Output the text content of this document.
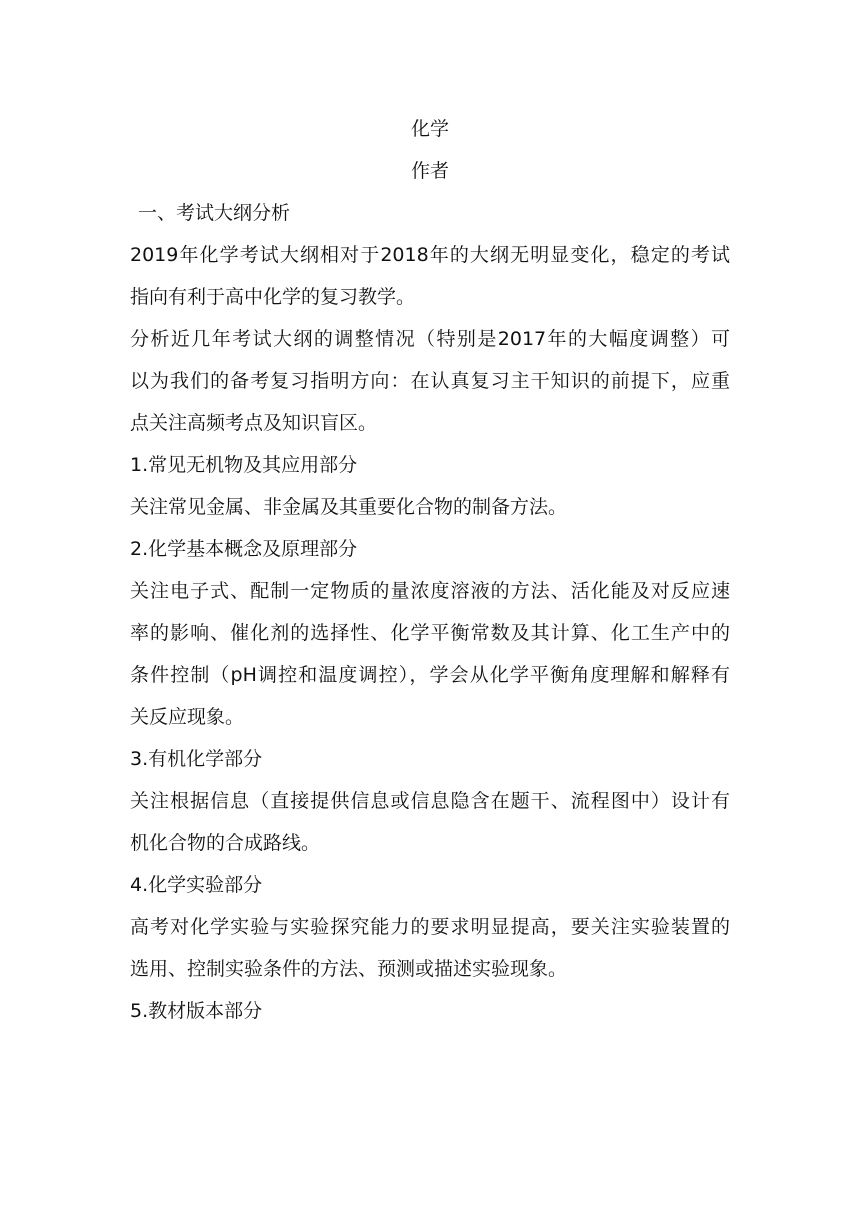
化学
作者
一、考试大纲分析
2019年化学考试大纲相对于2018年的大纲无明显变化，稳定的考试
指向有利于高中化学的复习教学。
分析近几年考试大纲的调整情况（特别是2017年的大幅度调整）可
以为我们的备考复习指明方向：在认真复习主干知识的前提下，应重
点关注高频考点及知识盲区。
1.常见无机物及其应用部分
关注常见金属、非金属及其重要化合物的制备方法。
2.化学基本概念及原理部分
关注电子式、配制一定物质的量浓度溶液的方法、活化能及对反应速
率的影响、催化剂的选择性、化学平衡常数及其计算、化工生产中的
条件控制（pH调控和温度调控），学会从化学平衡角度理解和解释有
关反应现象。
3.有机化学部分
关注根据信息（直接提供信息或信息隐含在题干、流程图中）设计有
机化合物的合成路线。
4.化学实验部分
高考对化学实验与实验探究能力的要求明显提高，要关注实验装置的
选用、控制实验条件的方法、预测或描述实验现象。
5.教材版本部分
